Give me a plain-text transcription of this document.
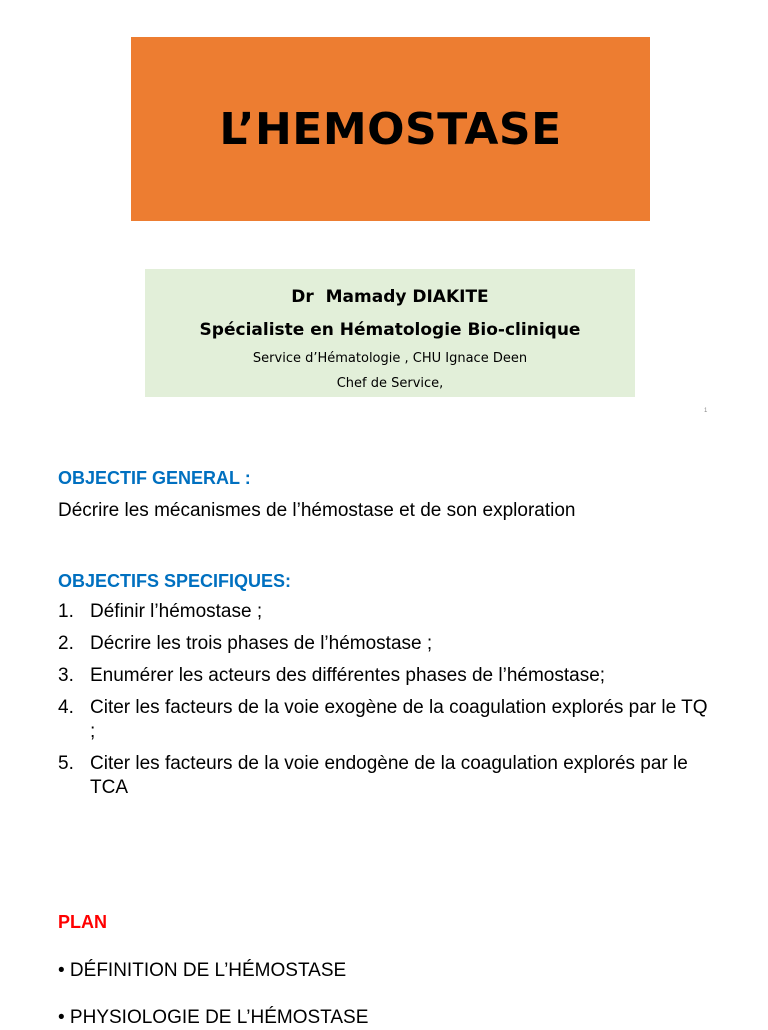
L’HEMOSTASE
Dr  Mamady DIAKITE
Spécialiste en Hématologie Bio-clinique
Service d’Hématologie , CHU Ignace Deen
Chef de Service,
1
OBJECTIF GENERAL :
Décrire les mécanismes de l’hémostase et de son exploration
OBJECTIFS SPECIFIQUES:
1. Définir l’hémostase ;
2. Décrire les trois phases de l’hémostase ;
3. Enumérer les acteurs des différentes phases de l’hémostase;
4. Citer les facteurs de la voie exogène de la coagulation explorés par le TQ ;
5. Citer les facteurs de la voie endogène de la coagulation explorés par le TCA
PLAN
• DÉFINITION DE L’HÉMOSTASE
• PHYSIOLOGIE DE L’HÉMOSTASE
